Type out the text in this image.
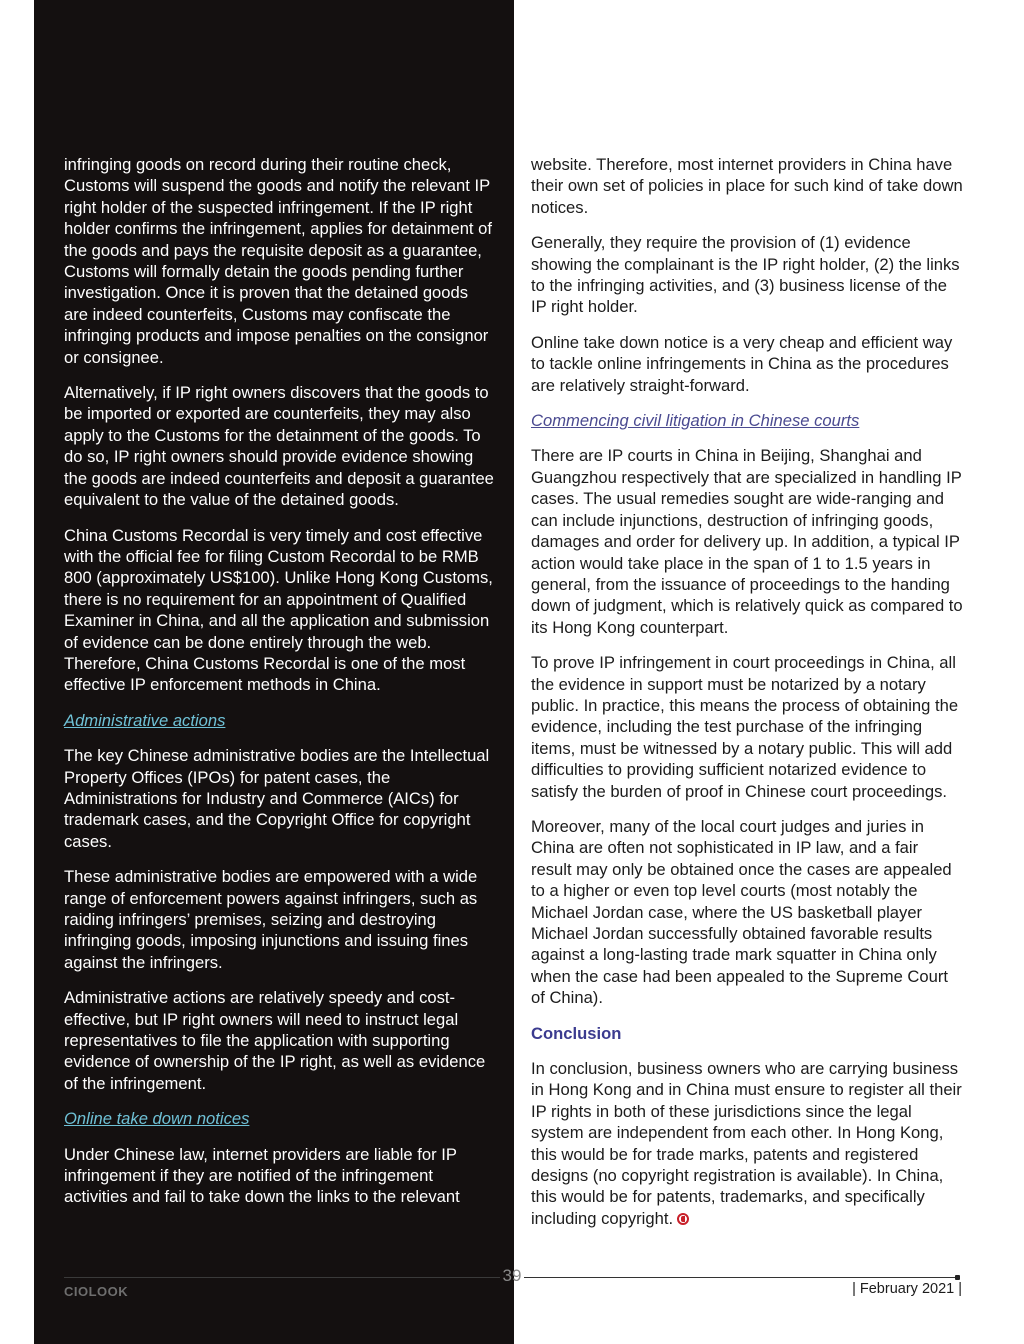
infringing goods on record during their routine check, Customs will suspend the goods and notify the relevant IP right holder of the suspected infringement. If the IP right holder confirms the infringement, applies for detainment of the goods and pays the requisite deposit as a guarantee, Customs will formally detain the goods pending further investigation. Once it is proven that the detained goods are indeed counterfeits, Customs may confiscate the infringing products and impose penalties on the consignor or consignee.

Alternatively, if IP right owners discovers that the goods to be imported or exported are counterfeits, they may also apply to the Customs for the detainment of the goods. To do so, IP right owners should provide evidence showing the goods are indeed counterfeits and deposit a guarantee equivalent to the value of the detained goods.

China Customs Recordal is very timely and cost effective with the official fee for filing Custom Recordal to be RMB 800 (approximately US$100). Unlike Hong Kong Customs, there is no requirement for an appointment of Qualified Examiner in China, and all the application and submission of evidence can be done entirely through the web. Therefore, China Customs Recordal is one of the most effective IP enforcement methods in China.

Administrative actions

The key Chinese administrative bodies are the Intellectual Property Offices (IPOs) for patent cases, the Administrations for Industry and Commerce (AICs) for trademark cases, and the Copyright Office for copyright cases.

These administrative bodies are empowered with a wide range of enforcement powers against infringers, such as raiding infringers’ premises, seizing and destroying infringing goods, imposing injunctions and issuing fines against the infringers.

Administrative actions are relatively speedy and cost-effective, but IP right owners will need to instruct legal representatives to file the application with supporting evidence of ownership of the IP right, as well as evidence of the infringement.

Online take down notices

Under Chinese law, internet providers are liable for IP infringement if they are notified of the infringement activities and fail to take down the links to the relevant

website. Therefore, most internet providers in China have their own set of policies in place for such kind of take down notices.

Generally, they require the provision of (1) evidence showing the complainant is the IP right holder, (2) the links to the infringing activities, and (3) business license of the IP right holder.

Online take down notice is a very cheap and efficient way to tackle online infringements in China as the procedures are relatively straight-forward.

Commencing civil litigation in Chinese courts

There are IP courts in China in Beijing, Shanghai and Guangzhou respectively that are specialized in handling IP cases. The usual remedies sought are wide-ranging and can include injunctions, destruction of infringing goods, damages and order for delivery up. In addition, a typical IP action would take place in the span of 1 to 1.5 years in general, from the issuance of proceedings to the handing down of judgment, which is relatively quick as compared to its Hong Kong counterpart.

To prove IP infringement in court proceedings in China, all the evidence in support must be notarized by a notary public. In practice, this means the process of obtaining the evidence, including the test purchase of the infringing items, must be witnessed by a notary public. This will add difficulties to providing sufficient notarized evidence to satisfy the burden of proof in Chinese court proceedings.

Moreover, many of the local court judges and juries in China are often not sophisticated in IP law, and a fair result may only be obtained once the cases are appealed to a higher or even top level courts (most notably the Michael Jordan case, where the US basketball player Michael Jordan successfully obtained favorable results against a long-lasting trade mark squatter in China only when the case had been appealed to the Supreme Court of China).

Conclusion

In conclusion, business owners who are carrying business in Hong Kong and in China must ensure to register all their IP rights in both of these jurisdictions since the legal system are independent from each other. In Hong Kong, this would be for trade marks, patents and registered designs (no copyright registration is available). In China, this would be for patents, trademarks, and specifically including copyright.

39
CIOLOOK	| February 2021 |
